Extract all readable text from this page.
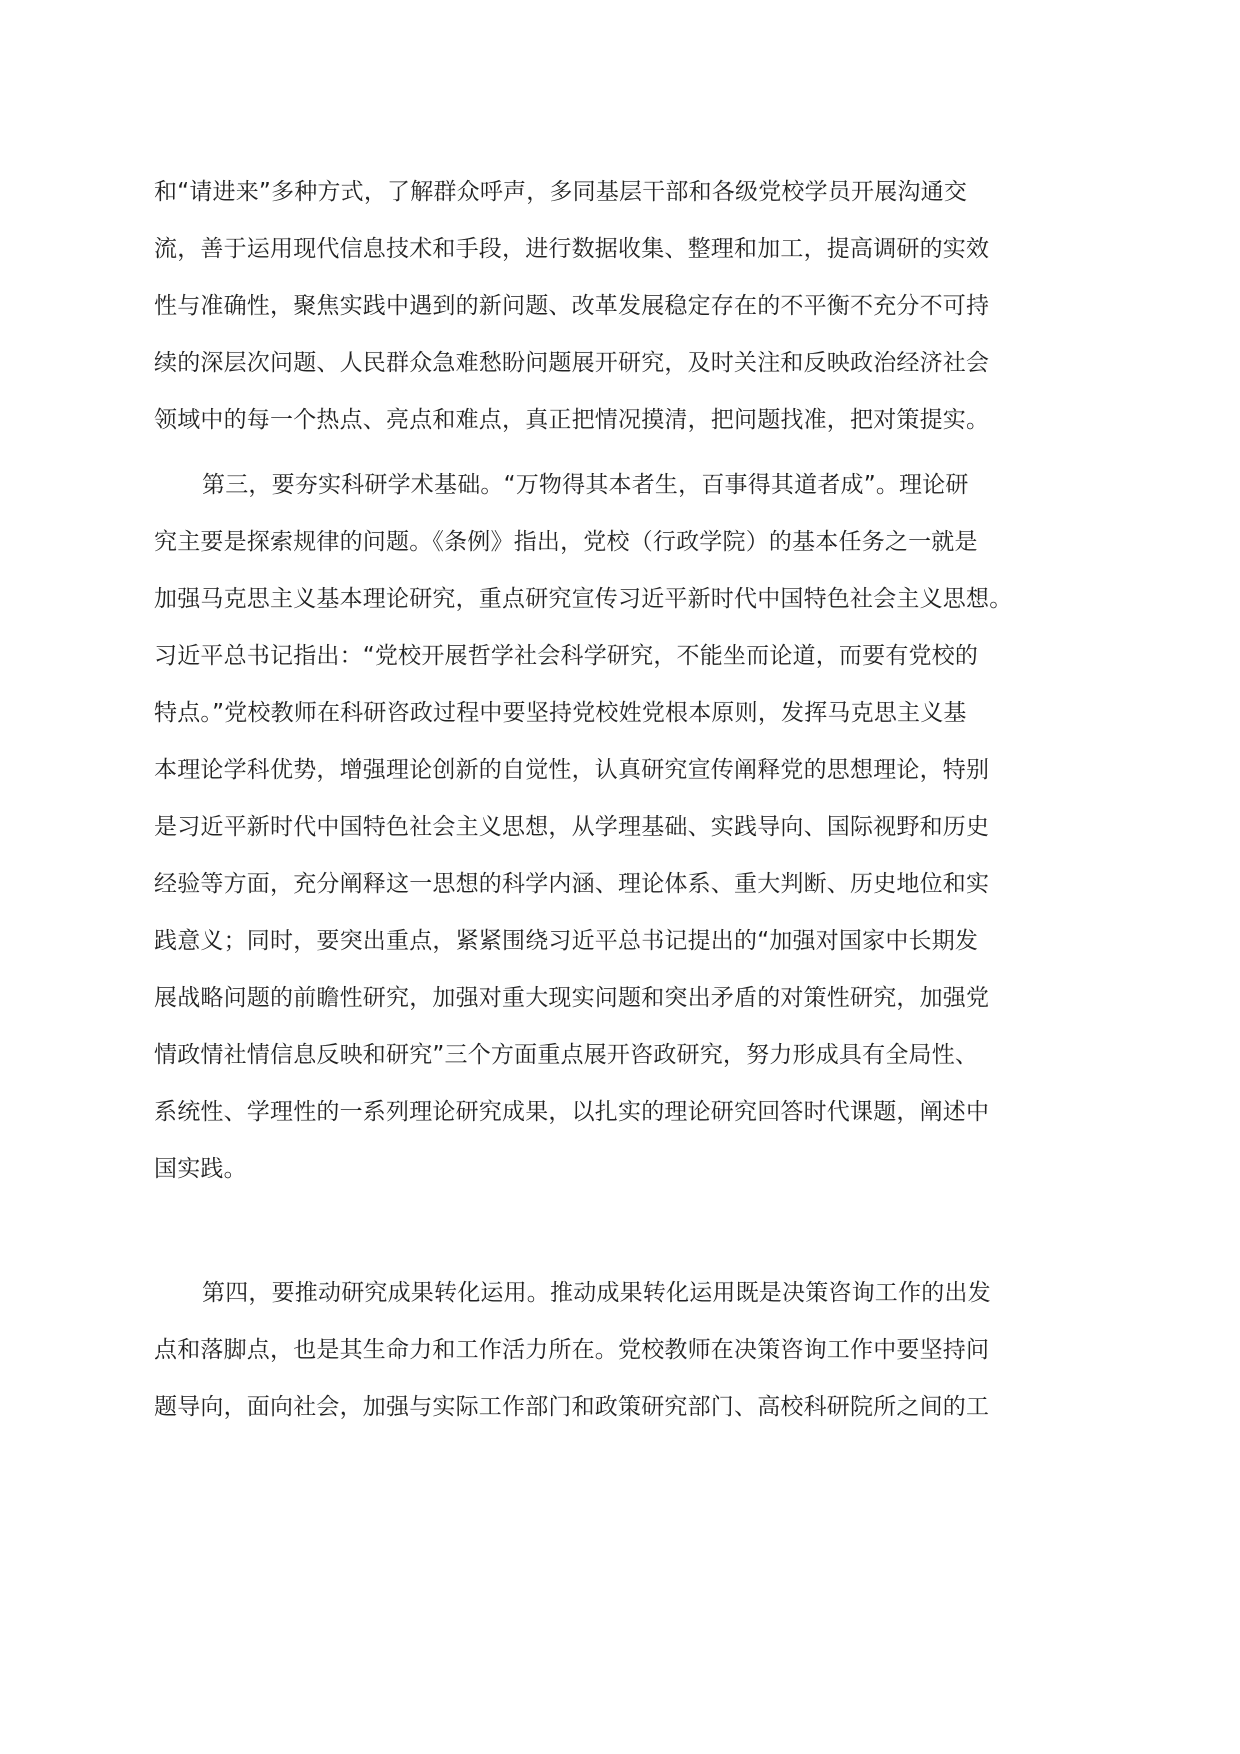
和“请进来”多种方式，了解群众呼声，多同基层干部和各级党校学员开展沟通交
流，善于运用现代信息技术和手段，进行数据收集、整理和加工，提高调研的实效
性与准确性，聚焦实践中遇到的新问题、改革发展稳定存在的不平衡不充分不可持
续的深层次问题、人民群众急难愁盼问题展开研究，及时关注和反映政治经济社会
领域中的每一个热点、亮点和难点，真正把情况摸清，把问题找准，把对策提实。
第三，要夯实科研学术基础。“万物得其本者生，百事得其道者成”。理论研
究主要是探索规律的问题。《条例》指出，党校（行政学院）的基本任务之一就是
加强马克思主义基本理论研究，重点研究宣传习近平新时代中国特色社会主义思想。
习近平总书记指出：“党校开展哲学社会科学研究，不能坐而论道，而要有党校的
特点。”党校教师在科研咨政过程中要坚持党校姓党根本原则，发挥马克思主义基
本理论学科优势，增强理论创新的自觉性，认真研究宣传阐释党的思想理论，特别
是习近平新时代中国特色社会主义思想，从学理基础、实践导向、国际视野和历史
经验等方面，充分阐释这一思想的科学内涵、理论体系、重大判断、历史地位和实
践意义；同时，要突出重点，紧紧围绕习近平总书记提出的“加强对国家中长期发
展战略问题的前瞻性研究，加强对重大现实问题和突出矛盾的对策性研究，加强党
情政情社情信息反映和研究”三个方面重点展开咨政研究，努力形成具有全局性、
系统性、学理性的一系列理论研究成果，以扎实的理论研究回答时代课题，阐述中
国实践。
第四，要推动研究成果转化运用。推动成果转化运用既是决策咨询工作的出发
点和落脚点，也是其生命力和工作活力所在。党校教师在决策咨询工作中要坚持问
题导向，面向社会，加强与实际工作部门和政策研究部门、高校科研院所之间的工
